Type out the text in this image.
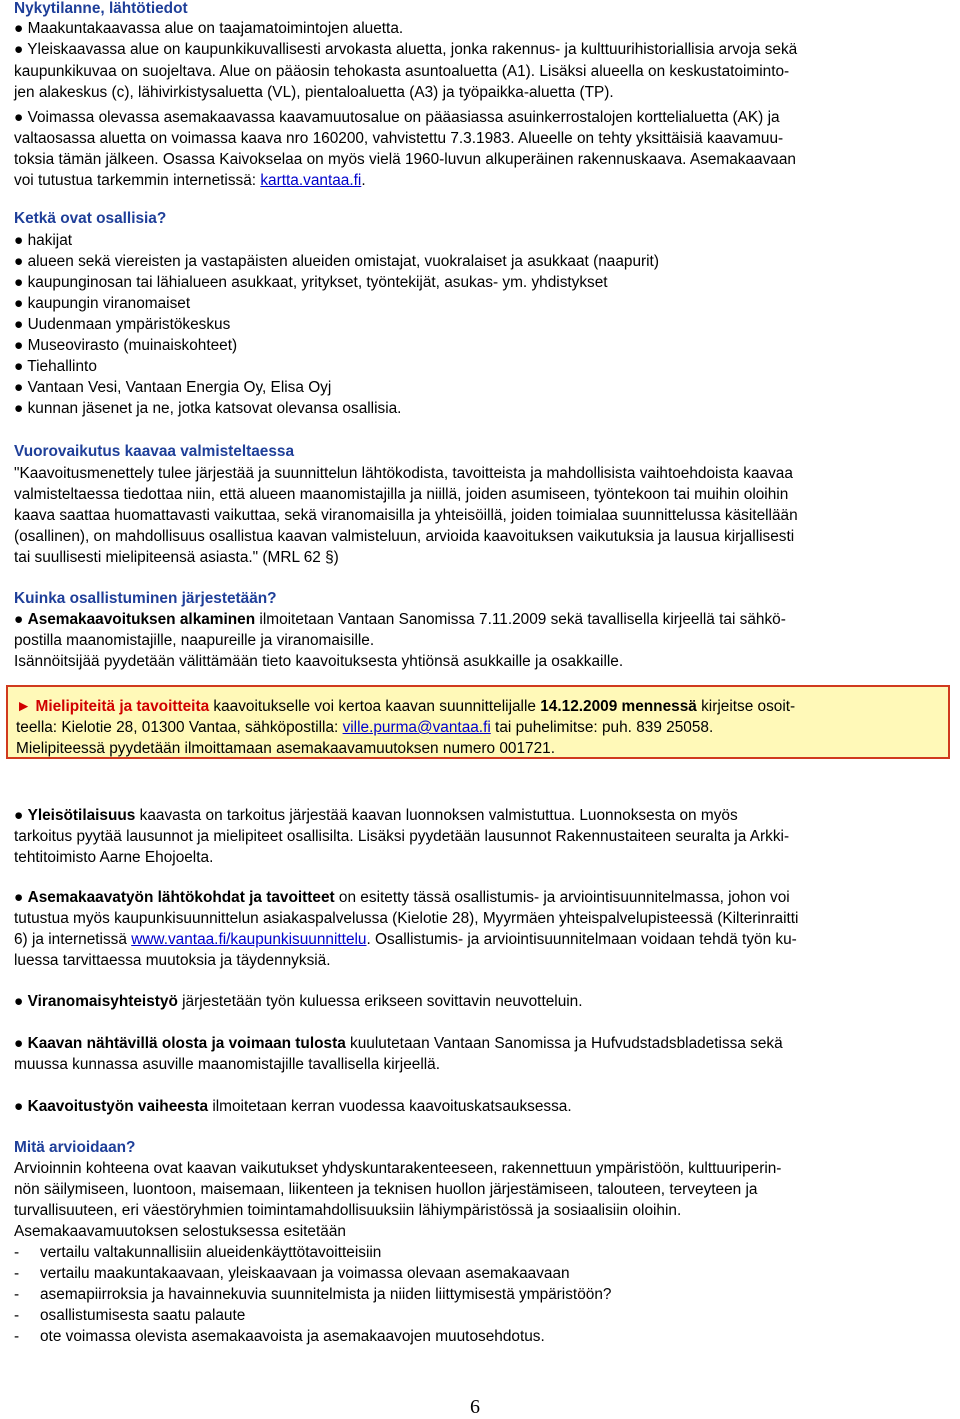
Nykytilanne, lähtötiedot
● Maakuntakaavassa alue on taajamatoimintojen aluetta.
● Yleiskaavassa alue on kaupunkikuvallisesti arvokasta aluetta, jonka rakennus- ja kulttuurihistoriallisia arvoja sekä
kaupunkikuvaa on suojeltava. Alue on pääosin tehokasta asuntoaluetta (A1). Lisäksi alueella on keskustatoiminto-
jen alakeskus (c), lähivirkistysaluetta (VL), pientaloaluetta (A3) ja työpaikka-aluetta (TP).
● Voimassa olevassa asemakaavassa kaavamuutosalue on pääasiassa asuinkerrostalojen korttelialuetta (AK) ja
valtaosassa aluetta on voimassa kaava nro 160200, vahvistettu 7.3.1983. Alueelle on tehty yksittäisiä kaavamuu-
toksia tämän jälkeen. Osassa Kaivokselaa on myös vielä 1960-luvun alkuperäinen rakennuskaava. Asemakaavaan
voi tutustua tarkemmin internetissä: kartta.vantaa.fi.
Ketkä ovat osallisia?
● hakijat
● alueen sekä viereisten ja vastapäisten alueiden omistajat, vuokralaiset ja asukkaat (naapurit)
● kaupunginosan tai lähialueen asukkaat, yritykset, työntekijät, asukas- ym. yhdistykset
● kaupungin viranomaiset
● Uudenmaan ympäristökeskus
● Museovirasto (muinaiskohteet)
● Tiehallinto
● Vantaan Vesi, Vantaan Energia Oy, Elisa Oyj
● kunnan jäsenet ja ne, jotka katsovat olevansa osallisia.
Vuorovaikutus kaavaa valmisteltaessa
"Kaavoitusmenettely tulee järjestää ja suunnittelun lähtökodista, tavoitteista ja mahdollisista vaihtoehdoista kaavaa
valmisteltaessa tiedottaa niin, että alueen maanomistajilla ja niillä, joiden asumiseen, työntekoon tai muihin oloihin
kaava saattaa huomattavasti vaikuttaa, sekä viranomaisilla ja yhteisöillä, joiden toimialaa suunnittelussa käsitellään
(osallinen), on mahdollisuus osallistua kaavan valmisteluun, arvioida kaavoituksen vaikutuksia ja lausua kirjallisesti
tai suullisesti mielipiteensä asiasta." (MRL 62 §)
Kuinka osallistuminen järjestetään?
● Asemakaavoituksen alkaminen ilmoitetaan Vantaan Sanomissa 7.11.2009 sekä tavallisella kirjeellä tai sähkö-
postilla maanomistajille, naapureille ja viranomaisille.
Isännöitsijää pyydetään välittämään tieto kaavoituksesta yhtiönsä asukkaille ja osakkaille.
► Mielipiteitä ja tavoitteita kaavoitukselle voi kertoa kaavan suunnittelijalle 14.12.2009 mennessä kirjeitse osoit-
teella: Kielotie 28, 01300 Vantaa, sähköpostilla: ville.purma@vantaa.fi tai puhelimitse: puh. 839 25058.
Mielipiteessä pyydetään ilmoittamaan asemakaavamuutoksen numero 001721.
● Yleisötilaisuus kaavasta on tarkoitus järjestää kaavan luonnoksen valmistuttua. Luonnoksesta on myös
tarkoitus pyytää lausunnot ja mielipiteet osallisilta. Lisäksi pyydetään lausunnot Rakennustaiteen seuralta ja Arkki-
tehtitoimisto Aarne Ehojoelta.
● Asemakaavatyön lähtökohdat ja tavoitteet on esitetty tässä osallistumis- ja arviointisuunnitelmassa, johon voi
tutustua myös kaupunkisuunnittelun asiakaspalvelussa (Kielotie 28), Myyrmäen yhteispalvelupisteessä (Kilterinraitti
6) ja internetissä www.vantaa.fi/kaupunkisuunnittelu. Osallistumis- ja arviointisuunnitelmaan voidaan tehdä työn ku-
luessa tarvittaessa muutoksia ja täydennyksiä.
● Viranomaisyhteistyö järjestetään työn kuluessa erikseen sovittavin neuvotteluin.
● Kaavan nähtävillä olosta ja voimaan tulosta kuulutetaan Vantaan Sanomissa ja Hufvudstadsbladetissa sekä
muussa kunnassa asuville maanomistajille tavallisella kirjeellä.
● Kaavoitustyön vaiheesta ilmoitetaan kerran vuodessa kaavoituskatsauksessa.
Mitä arvioidaan?
Arvioinnin kohteena ovat kaavan vaikutukset yhdyskuntarakenteeseen, rakennettuun ympäristöön, kulttuuriperin-
nön säilymiseen, luontoon, maisemaan, liikenteen ja teknisen huollon järjestämiseen, talouteen, terveyteen ja
turvallisuuteen, eri väestöryhmien toimintamahdollisuuksiin lähiympäristössä ja sosiaalisiin oloihin.
Asemakaavamuutoksen selostuksessa esitetään
- vertailu valtakunnallisiin alueidenkäyttötavoitteisiin
- vertailu maakuntakaavaan, yleiskaavaan ja voimassa olevaan asemakaavaan
- asemapiirroksia ja havainnekuvia suunnitelmista ja niiden liittymisestä ympäristöön?
- osallistumisesta saatu palaute
- ote voimassa olevista asemakaavoista ja asemakaavojen muutosehdotus.
6
